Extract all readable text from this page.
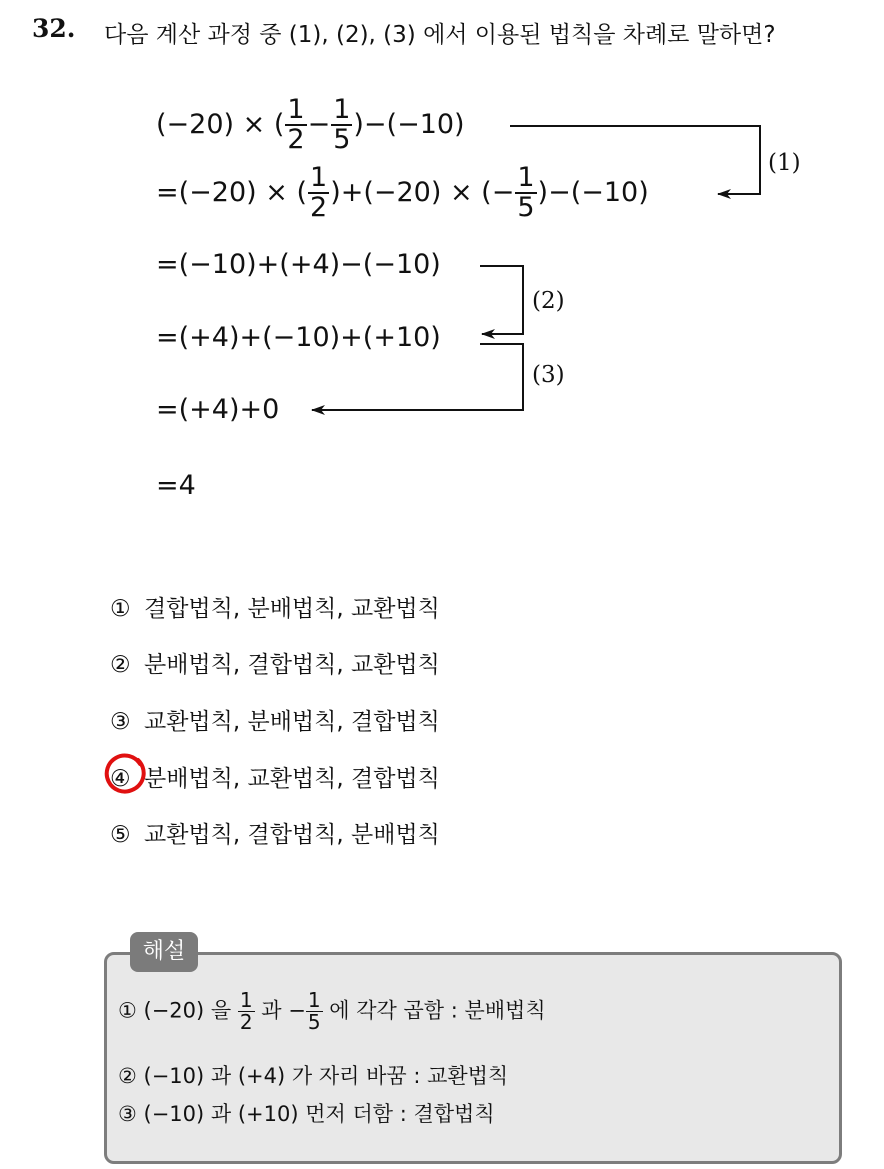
32. 다음 계산 과정 중 (1), (2), (3) 에서 이용된 법칙을 차례로 말하면?
(−20) × ( $\frac{1}{2} - \frac{1}{5} )-(-10)$
=(−20) × ( $\frac{1}{2} )+(-20)$ × (− $\frac{1}{5} )-(-10)$
=(−10)+(+4)−(−10)
=(+4)+(−10)+(+10)
=(+4)+0
=4
(1)
(2)
(3)
① 결합법칙, 분배법칙, 교환법칙
② 분배법칙, 결합법칙, 교환법칙
③ 교환법칙, 분배법칙, 결합법칙
④ 분배법칙, 교환법칙, 결합법칙
⑤ 교환법칙, 결합법칙, 분배법칙
해설
① (−20) 을 $\frac{1}{2}$ 과 − $\frac{1}{5}$ 에 각각 곱함 : 분배법칙
② (−10) 과 (+4) 가 자리 바꿈 : 교환법칙
③ (−10) 과 (+10) 먼저 더함 : 결합법칙
